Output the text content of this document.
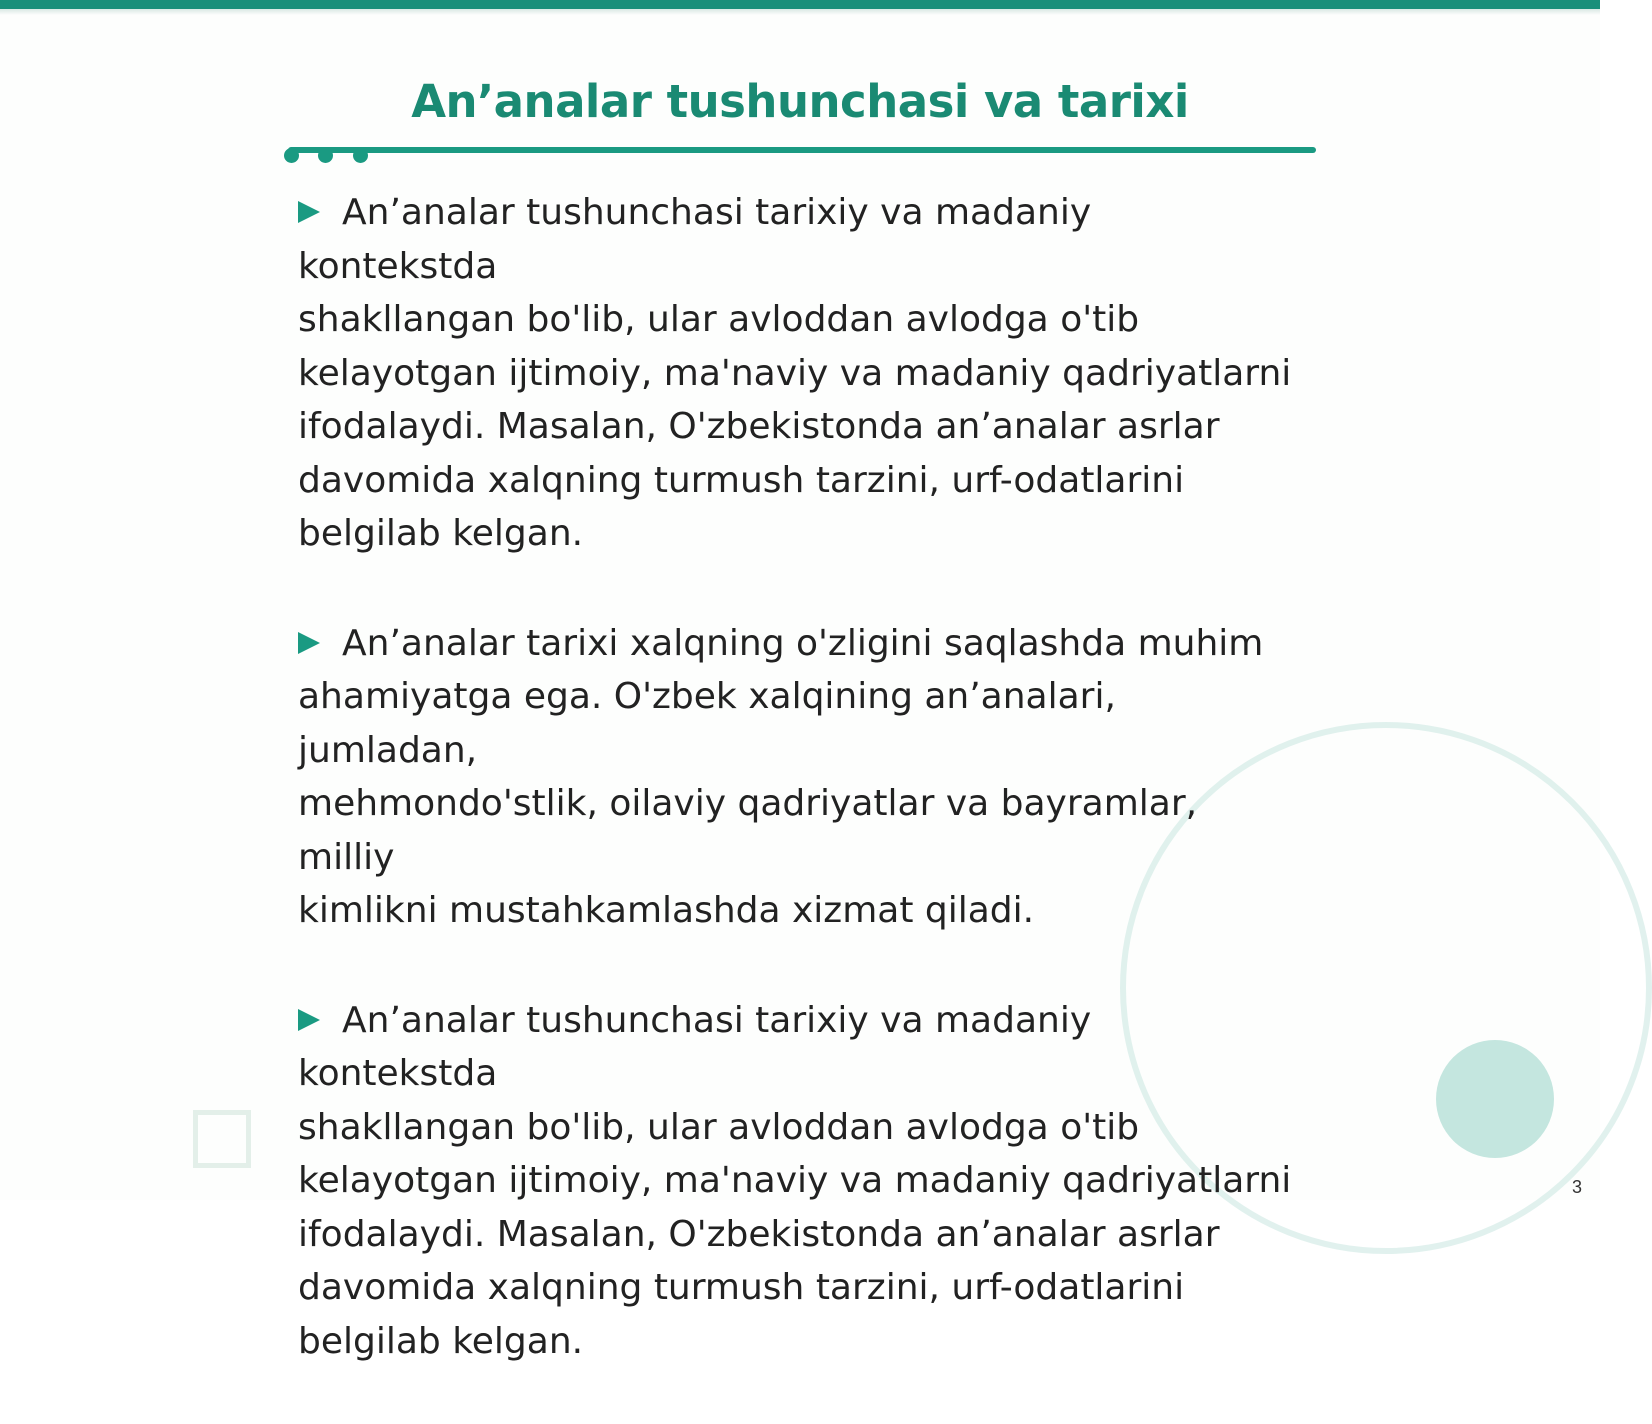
An’analar tushunchasi va tarixi

An’analar tushunchasi tarixiy va madaniy kontekstda
shakllangan bo'lib, ular avloddan avlodga o'tib
kelayotgan ijtimoiy, ma'naviy va madaniy qadriyatlarni
ifodalaydi. Masalan, O'zbekistonda an’analar asrlar
davomida xalqning turmush tarzini, urf-odatlarini
belgilab kelgan.

An’analar tarixi xalqning o'zligini saqlashda muhim
ahamiyatga ega. O'zbek xalqining an’analari, jumladan,
mehmondo'stlik, oilaviy qadriyatlar va bayramlar, milliy
kimlikni mustahkamlashda xizmat qiladi.

An’analar tushunchasi tarixiy va madaniy kontekstda
shakllangan bo'lib, ular avloddan avlodga o'tib
kelayotgan ijtimoiy, ma'naviy va madaniy qadriyatlarni
ifodalaydi. Masalan, O'zbekistonda an’analar asrlar
davomida xalqning turmush tarzini, urf-odatlarini
belgilab kelgan.

3
